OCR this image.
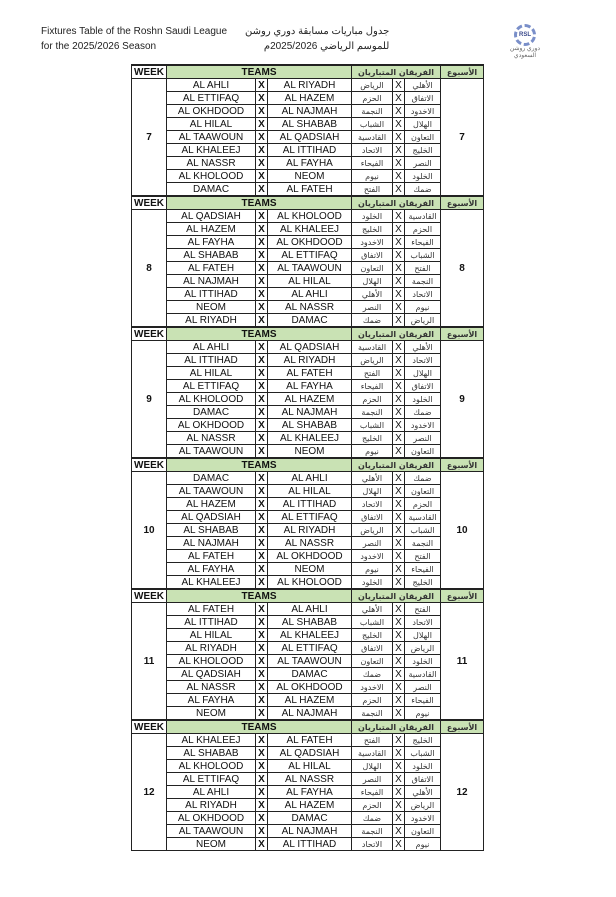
Fixtures Table of the Roshn Saudi League
for the 2025/2026 Season
جدول مباريات مسابقة دوري روشن
للموسم الرياضي 2025/2026م
RSL
دوري روشن السعودي
WEEK	TEAMS			الفريقان المتباريان			الأسبوع
7	AL AHLI	X	AL RIYADH	الرياض	X	الأهلي	7
	AL ETTIFAQ	X	AL HAZEM	الحزم	X	الاتفاق	
	AL OKHDOOD	X	AL NAJMAH	النجمة	X	الاخدود	
	AL HILAL	X	AL SHABAB	الشباب	X	الهلال	
	AL TAAWOUN	X	AL QADSIAH	القادسية	X	التعاون	
	AL KHALEEJ	X	AL ITTIHAD	الاتحاد	X	الخليج	
	AL NASSR	X	AL FAYHA	الفيحاء	X	النصر	
	AL KHOLOOD	X	NEOM	نيوم	X	الخلود	
	DAMAC	X	AL FATEH	الفتح	X	ضمك	
WEEK	TEAMS			الفريقان المتباريان			الأسبوع
8	AL QADSIAH	X	AL KHOLOOD	الخلود	X	القادسية	8
	AL HAZEM	X	AL KHALEEJ	الخليج	X	الحزم	
	AL FAYHA	X	AL OKHDOOD	الاخدود	X	الفيحاء	
	AL SHABAB	X	AL ETTIFAQ	الاتفاق	X	الشباب	
	AL FATEH	X	AL TAAWOUN	التعاون	X	الفتح	
	AL NAJMAH	X	AL HILAL	الهلال	X	النجمة	
	AL ITTIHAD	X	AL AHLI	الأهلي	X	الاتحاد	
	NEOM	X	AL NASSR	النصر	X	نيوم	
	AL RIYADH	X	DAMAC	ضمك	X	الرياض	
WEEK	TEAMS			الفريقان المتباريان			الأسبوع
9	AL AHLI	X	AL QADSIAH	القادسية	X	الأهلي	9
	AL ITTIHAD	X	AL RIYADH	الرياض	X	الاتحاد	
	AL HILAL	X	AL FATEH	الفتح	X	الهلال	
	AL ETTIFAQ	X	AL FAYHA	الفيحاء	X	الاتفاق	
	AL KHOLOOD	X	AL HAZEM	الحزم	X	الخلود	
	DAMAC	X	AL NAJMAH	النجمة	X	ضمك	
	AL OKHDOOD	X	AL SHABAB	الشباب	X	الاخدود	
	AL NASSR	X	AL KHALEEJ	الخليج	X	النصر	
	AL TAAWOUN	X	NEOM	نيوم	X	التعاون	
WEEK	TEAMS			الفريقان المتباريان			الأسبوع
10	DAMAC	X	AL AHLI	الأهلي	X	ضمك	10
	AL TAAWOUN	X	AL HILAL	الهلال	X	التعاون	
	AL HAZEM	X	AL ITTIHAD	الاتحاد	X	الحزم	
	AL QADSIAH	X	AL ETTIFAQ	الاتفاق	X	القادسية	
	AL SHABAB	X	AL RIYADH	الرياض	X	الشباب	
	AL NAJMAH	X	AL NASSR	النصر	X	النجمة	
	AL FATEH	X	AL OKHDOOD	الاخدود	X	الفتح	
	AL FAYHA	X	NEOM	نيوم	X	الفيحاء	
	AL KHALEEJ	X	AL KHOLOOD	الخلود	X	الخليج	
WEEK	TEAMS			الفريقان المتباريان			الأسبوع
11	AL FATEH	X	AL AHLI	الأهلي	X	الفتح	11
	AL ITTIHAD	X	AL SHABAB	الشباب	X	الاتحاد	
	AL HILAL	X	AL KHALEEJ	الخليج	X	الهلال	
	AL RIYADH	X	AL ETTIFAQ	الاتفاق	X	الرياض	
	AL KHOLOOD	X	AL TAAWOUN	التعاون	X	الخلود	
	AL QADSIAH	X	DAMAC	ضمك	X	القادسية	
	AL NASSR	X	AL OKHDOOD	الاخدود	X	النصر	
	AL FAYHA	X	AL HAZEM	الحزم	X	الفيحاء	
	NEOM	X	AL NAJMAH	النجمة	X	نيوم	
WEEK	TEAMS			الفريقان المتباريان			الأسبوع
12	AL KHALEEJ	X	AL FATEH	الفتح	X	الخليج	12
	AL SHABAB	X	AL QADSIAH	القادسية	X	الشباب	
	AL KHOLOOD	X	AL HILAL	الهلال	X	الخلود	
	AL ETTIFAQ	X	AL NASSR	النصر	X	الاتفاق	
	AL AHLI	X	AL FAYHA	الفيحاء	X	الأهلي	
	AL RIYADH	X	AL HAZEM	الحزم	X	الرياض	
	AL OKHDOOD	X	DAMAC	ضمك	X	الاخدود	
	AL TAAWOUN	X	AL NAJMAH	النجمة	X	التعاون	
	NEOM	X	AL ITTIHAD	الاتحاد	X	نيوم	
